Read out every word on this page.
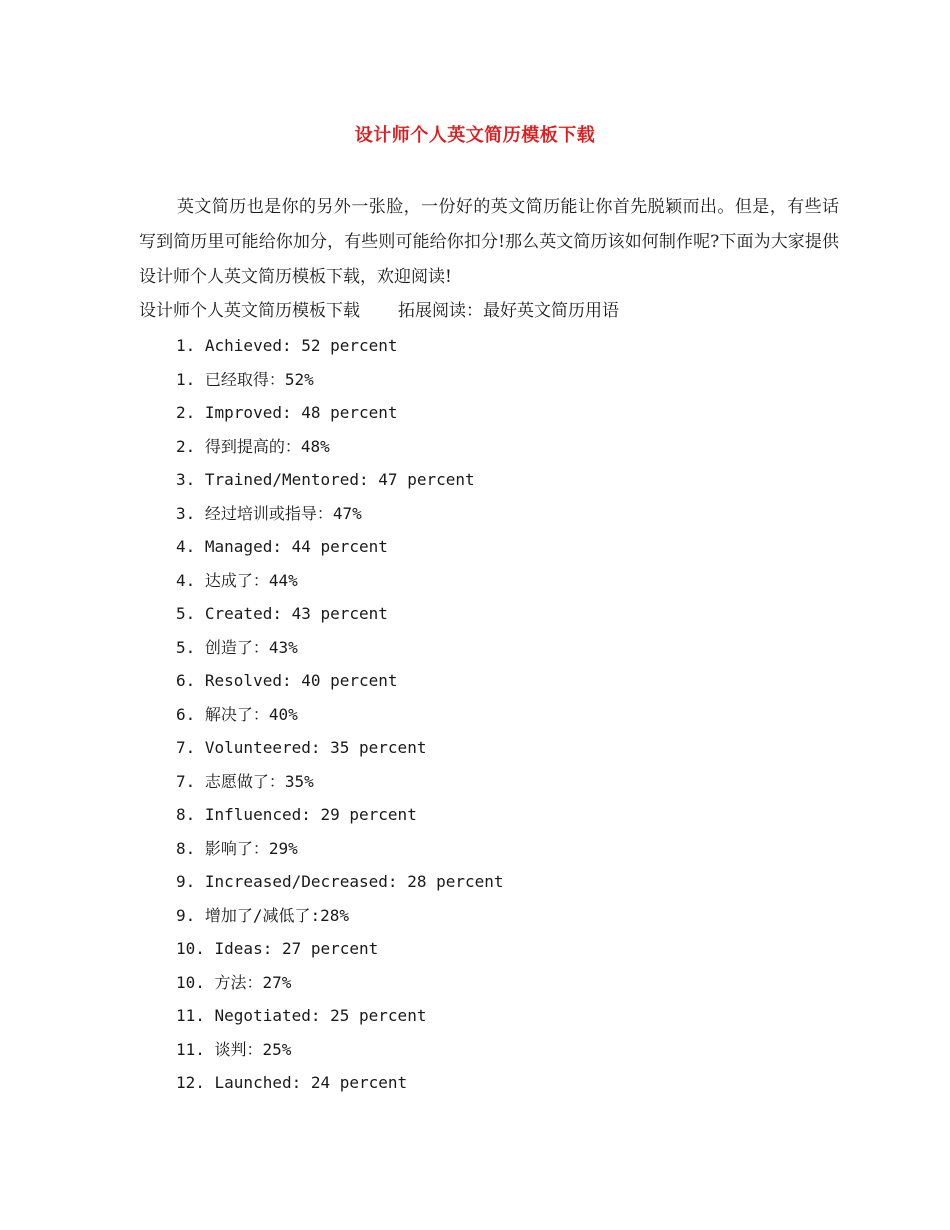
设计师个人英文简历模板下载

英文简历也是你的另外一张脸，一份好的英文简历能让你首先脱颖而出。但是，有些话写到简历里可能给你加分，有些则可能给你扣分!那么英文简历该如何制作呢?下面为大家提供设计师个人英文简历模板下载，欢迎阅读!

设计师个人英文简历模板下载 拓展阅读：最好英文简历用语
1. Achieved: 52 percent
1. 已经取得：52%
2. Improved: 48 percent
2. 得到提高的：48%
3. Trained/Mentored: 47 percent
3. 经过培训或指导：47%
4. Managed: 44 percent
4. 达成了：44%
5. Created: 43 percent
5. 创造了：43%
6. Resolved: 40 percent
6. 解决了：40%
7. Volunteered: 35 percent
7. 志愿做了：35%
8. Influenced: 29 percent
8. 影响了：29%
9. Increased/Decreased: 28 percent
9. 增加了/减低了:28%
10. Ideas: 27 percent
10. 方法：27%
11. Negotiated: 25 percent
11. 谈判：25%
12. Launched: 24 percent
